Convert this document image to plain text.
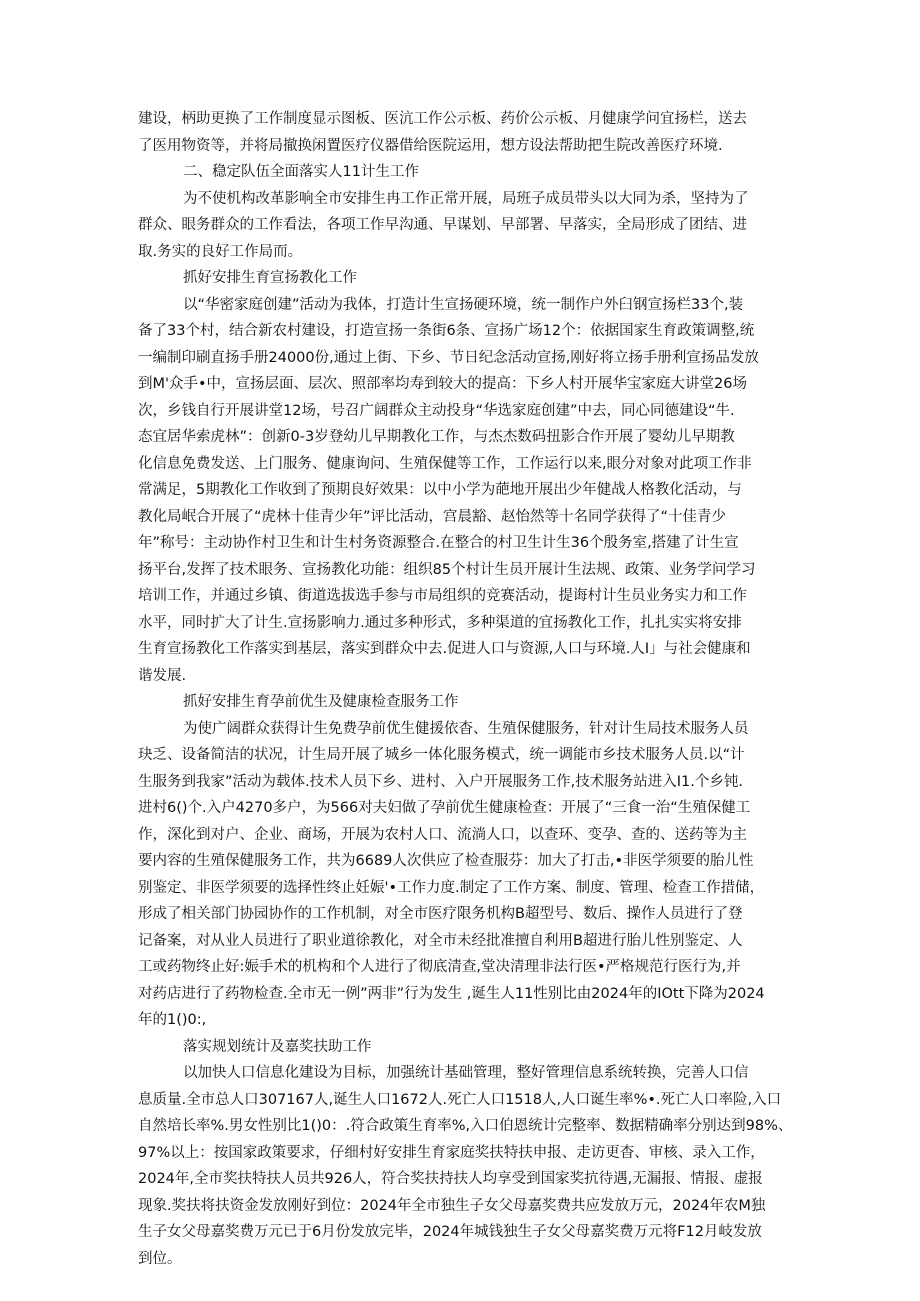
建设，柄助更换了工作制度显示图板、医沆工作公示板、药价公示板、月健康学问宜扬栏，送去
了医用物资等，并将局撤换闲置医疗仪器借给医院运用，想方设法帮助把生院改善医疗环境.
二、稳定队伍全面落实人11计生工作
为不使机构改革影响全市安排生冉工作正常开展，局班子成员带头以大同为杀，坚持为了
群众、眼务群众的工作看法，各项工作早沟通、早谋划、早部署、早落实，全局形成了团结、进
取.务实的良好工作局而。
抓好安排生育宣扬教化工作
以“华密家庭创建”活动为我体，打造计生宣扬硬环境，统一制作户外臼钢宣扬栏33个,装
备了33个村，结合新农村建设，打造宣扬一条街6条、宣扬广场12个：依据国家生育政策调整,统
一编制印刷直扬手册24000份,通过上街、下乡、节日纪念活动宣扬,刚好将立扬手册利宣扬品发放
到M'众手•中，宣扬层面、层次、照部率均寿到较大的提高：下乡人村开展华宝家庭大讲堂26场
次，乡钱自行开展讲堂12场，号召广阔群众主动投身“华选家庭创建”中去，同心同德建设“牛.
态宜居华索虎林”：创新0-3岁登幼儿早期教化工作，与杰杰数码扭影合作开展了婴幼儿早期教
化信息免费发送、上门服务、健康询问、生殖保健等工作，工作运行以来,眼分对象对此项工作非
常满足，5期教化工作收到了预期良好效果：以中小学为葩地开展出少年健战人格教化活动，与
教化局岷合开展了“虎林十佳青少年”评比活动，宫晨豁、赵怡然等十名同学获得了“十佳青少
年”称号：主动协作村卫生和计生村务资源整合.在整合的村卫生计生36个殷务室,搭建了计生宣
扬平台,发挥了技术眼务、宣扬教化功能：组织85个村计生员开展计生法规、政策、业务学问学习
培训工作，并通过乡镇、街道选拔选手参与市局组织的竞赛活动，提诲村计生员业务实力和工作
水平，同时扩大了计生.宣扬影响力.通过多种形式，多种渠道的宜扬教化工作，扎扎实实将安排
生育宣扬教化工作落实到基层，落实到群众中去.促进人口与资源,人口与环境.人I」与社会健康和
谐发展.
抓好安排生育孕前优生及健康检查服务工作
为使广阔群众获得计生免费孕前优生健援依杳、生殖保健服务，针对计生局技术服务人员
玦乏、设备简洁的状况，计生局开展了城乡一体化服务模式，统一调能市乡技术服务人员.以“计
生服务到我家”活动为载体.技术人员下乡、进村、入户开展服务工作,技术服务站进入I1.个乡钝.
进村6()个.入户4270多户，为566对夫妇做了孕前优生健康检查：开展了“三食一治“生殖保健工
作，深化到对户、企业、商场，开展为农村人口、流淌人口，以查环、变孕、查的、送药等为主
要内容的生殖保健服务工作，共为6689人次供应了检查服芬：加大了打击,•非医学须要的胎儿性
别鉴定、非医学须要的选择性终止妊娠'•工作力度.制定了工作方案、制度、管理、检查工作措储，
形成了相关部门协园协作的工作机制，对全市医疗限务机构B超型号、数后、操作人员进行了登
记备案，对从业人员进行了职业道徐教化，对全市未经批准擅自利用B超进行胎儿性别鉴定、人
工或药物终止好:娠手术的机构和个人进行了彻底清查,堂决清理非法行医•严格规范行医行为,并
对药店进行了药物检查.全市无一例”两非”行为发生 ,诞生人11性别比由2024年的IOtt下降为2024
年的1()0:,
落实规划统计及嘉奖扶助工作
以加快人口信息化建设为目标，加强统计基础管理，整好管理信息系统转换，完善人口信
息质量.全市总人口307167人,诞生人口1672人.死亡人口1518人,人口诞生率%•.死亡人口率险,入口
自然培长率%.男女性别比1()0：.符合政策生育率%,入口伯恩统计完整率、数据精确率分别达到98%、
97%以上：按国家政策要求，仔细村好安排生育家庭奖扶特扶申报、走访更杳、审核、录入工作，
2024年,全市奖扶特扶人员共926人，符合奖扶持扶人均享受到国家奖抗待遇,无漏报、情报、虚报
现象.奖扶将扶资金发放刚好到位：2024年全市独生子女父母嘉奖费共应发放万元，2024年农M独
生子女父母嘉奖费万元已于6月份发放完毕，2024年城钱独生子女父母嘉奖费万元将F12月岐发放
到位。
